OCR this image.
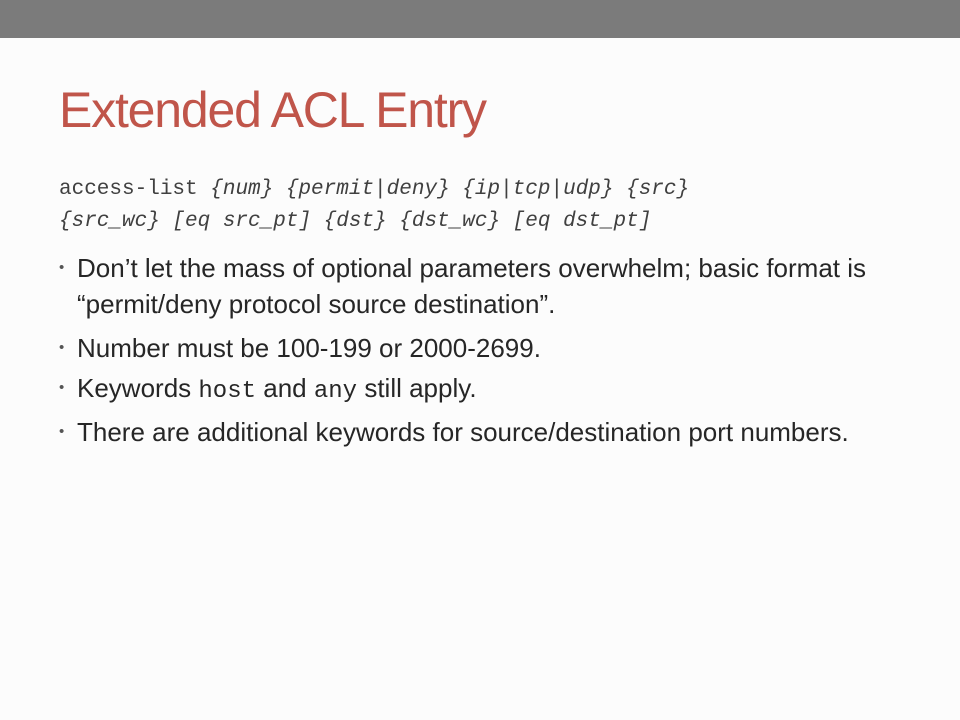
Extended ACL Entry
access-list {num} {permit|deny} {ip|tcp|udp} {src}
{src_wc} [eq src_pt] {dst} {dst_wc} [eq dst_pt]
• Don’t let the mass of optional parameters overwhelm; basic format is “permit/deny protocol source destination”.
• Number must be 100-199 or 2000-2699.
• Keywords host and any still apply.
• There are additional keywords for source/destination port numbers.
